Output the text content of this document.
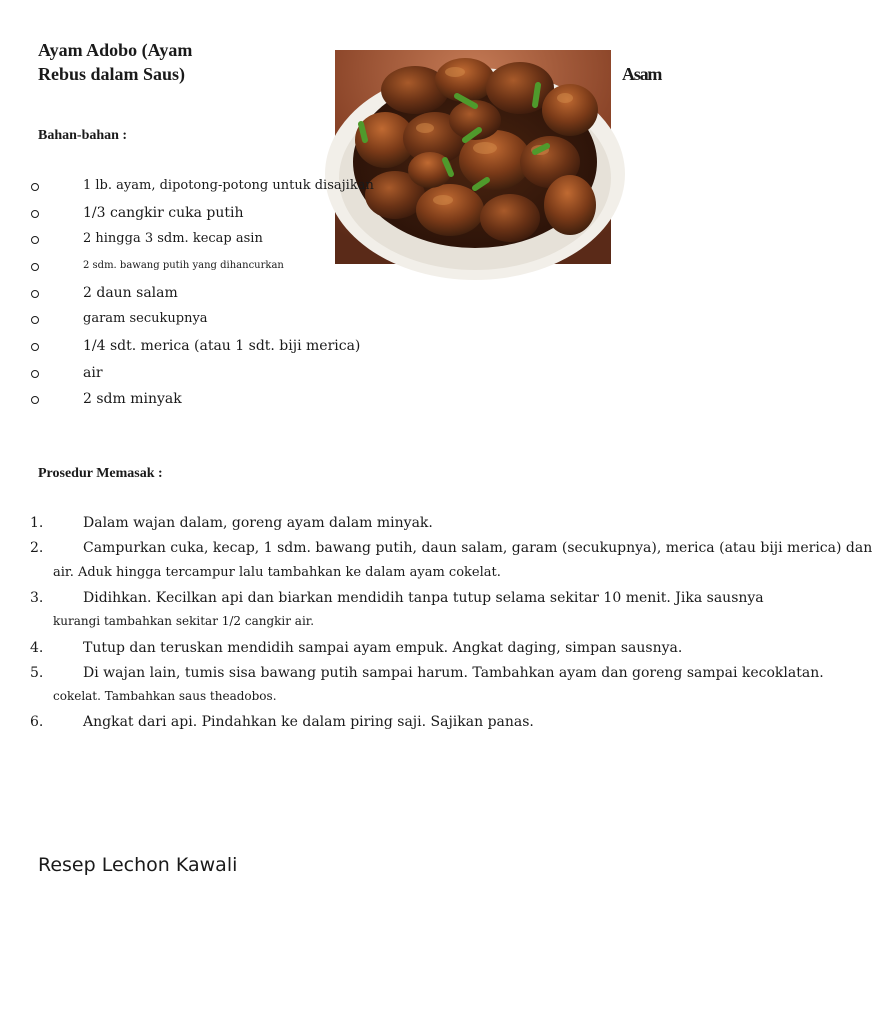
Ayam Adobo (Ayam Rebus dalam Saus)	Asam
Bahan-bahan :
1 lb. ayam, dipotong-potong untuk disajikan
1/3 cangkir cuka putih
2 hingga 3 sdm. kecap asin
2 sdm. bawang putih yang dihancurkan
2 daun salam
garam secukupnya
1/4 sdt. merica (atau 1 sdt. biji merica)
air
2 sdm minyak
Prosedur Memasak :
1.	Dalam wajan dalam, goreng ayam dalam minyak.
2.	Campurkan cuka, kecap, 1 sdm. bawang putih, daun salam, garam (secukupnya), merica (atau biji merica) dan
air. Aduk hingga tercampur lalu tambahkan ke dalam ayam cokelat.
3.	Didihkan. Kecilkan api dan biarkan mendidih tanpa tutup selama sekitar 10 menit. Jika sausnya
kurangi tambahkan sekitar 1/2 cangkir air.
4.	Tutup dan teruskan mendidih sampai ayam empuk. Angkat daging, simpan sausnya.
5.	Di wajan lain, tumis sisa bawang putih sampai harum. Tambahkan ayam dan goreng sampai kecoklatan.
cokelat. Tambahkan saus theadobos.
6.	Angkat dari api. Pindahkan ke dalam piring saji. Sajikan panas.
Resep Lechon Kawali
